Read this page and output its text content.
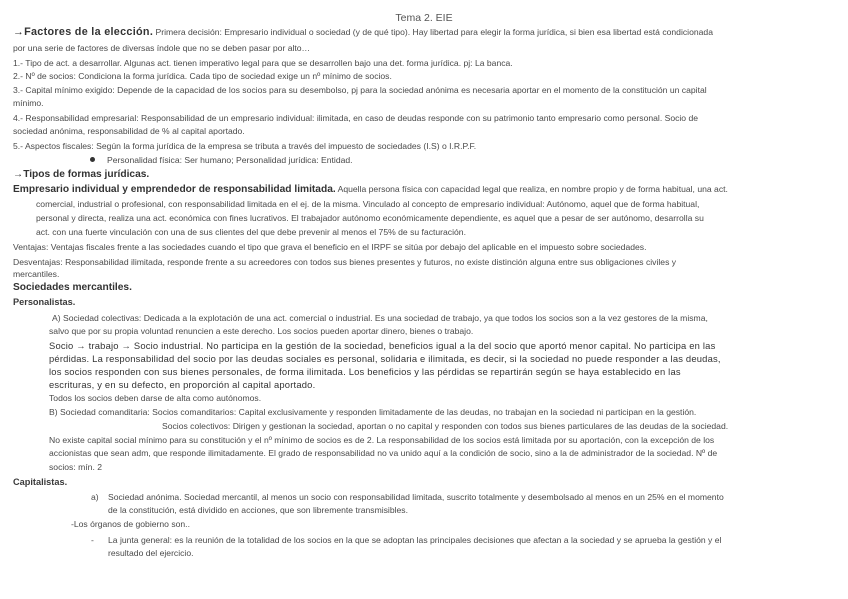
Tema 2. EIE
→Factores de la elección. Primera decisión: Empresario individual o sociedad (y de qué tipo). Hay libertad para elegir la forma jurídica, si bien esa libertad está condicionada
por una serie de factores de diversas índole que no se deben pasar por alto…
1.- Tipo de act. a desarrollar. Algunas act. tienen imperativo legal para que se desarrollen bajo una det. forma jurídica. pj: La banca.
2.- Nº de socios: Condiciona la forma jurídica. Cada tipo de sociedad exige un nº mínimo de socios.
3.- Capital mínimo exigido: Depende de la capacidad de los socios para su desembolso, pj para la sociedad anónima es necesaria aportar en el momento de la constitución un capital
mínimo.
4.- Responsabilidad empresarial: Responsabilidad de un empresario individual: ilimitada, en caso de deudas responde con su patrimonio tanto empresario como personal. Socio de
sociedad anónima, responsabilidad de % al capital aportado.
5.- Aspectos fiscales: Según la forma jurídica de la empresa se tributa a través del impuesto de sociedades (I.S) o I.R.P.F.
Personalidad física: Ser humano; Personalidad jurídica: Entidad.
→Tipos de formas jurídicas.
Empresario individual y emprendedor de responsabilidad limitada. Aquella persona física con capacidad legal que realiza, en nombre propio y de forma habitual, una act.
comercial, industrial o profesional, con responsabilidad limitada en el ej. de la misma. Vinculado al concepto de empresario individual: Autónomo, aquel que de forma habitual,
personal y directa, realiza una act. económica con fines lucrativos. El trabajador autónomo económicamente dependiente, es aquel que a pesar de ser autónomo, desarrolla su
act. con una fuerte vinculación con una de sus clientes del que debe prevenir al menos el 75% de su facturación.
Ventajas: Ventajas fiscales frente a las sociedades cuando el tipo que grava el beneficio en el IRPF se sitúa por debajo del aplicable en el impuesto sobre sociedades.
Desventajas: Responsabilidad ilimitada, responde frente a su acreedores con todos sus bienes presentes y futuros, no existe distinción alguna entre sus obligaciones civiles y
mercantiles.
Sociedades mercantiles.
Personalistas.
A) Sociedad colectivas: Dedicada a la explotación de una act. comercial o industrial. Es una sociedad de trabajo, ya que todos los socios son a la vez gestores de la misma,
salvo que por su propia voluntad renuncien a este derecho. Los socios pueden aportar dinero, bienes o trabajo.
Socio → trabajo → Socio industrial. No participa en la gestión de la sociedad, beneficios igual a la del socio que aportó menor capital. No participa en las
pérdidas. La responsabilidad del socio por las deudas sociales es personal, solidaria e ilimitada, es decir, si la sociedad no puede responder a las deudas,
los socios responden con sus bienes personales, de forma ilimitada. Los beneficios y las pérdidas se repartirán según se haya establecido en las
escrituras, y en su defecto, en proporción al capital aportado.
Todos los socios deben darse de alta como autónomos.
B) Sociedad comanditaria: Socios comanditarios: Capital exclusivamente y responden limitadamente de las deudas, no trabajan en la sociedad ni participan en la gestión.
Socios colectivos: Dirigen y gestionan la sociedad, aportan o no capital y responden con todos sus bienes particulares de las deudas de la sociedad.
No existe capital social mínimo para su constitución y el nº mínimo de socios es de 2. La responsabilidad de los socios está limitada por su aportación, con la excepción de los
accionistas que sean adm, que responde ilimitadamente. El grado de responsabilidad no va unido aquí a la condición de socio, sino a la de administrador de la sociedad. Nº de
socios: mín. 2
Capitalistas.
a) Sociedad anónima. Sociedad mercantil, al menos un socio con responsabilidad limitada, suscrito totalmente y desembolsado al menos en un 25% en el momento
de la constitución, está dividido en acciones, que son libremente transmisibles.
-Los órganos de gobierno son..
- La junta general: es la reunión de la totalidad de los socios en la que se adoptan las principales decisiones que afectan a la sociedad y se aprueba la gestión y el
resultado del ejercicio.
